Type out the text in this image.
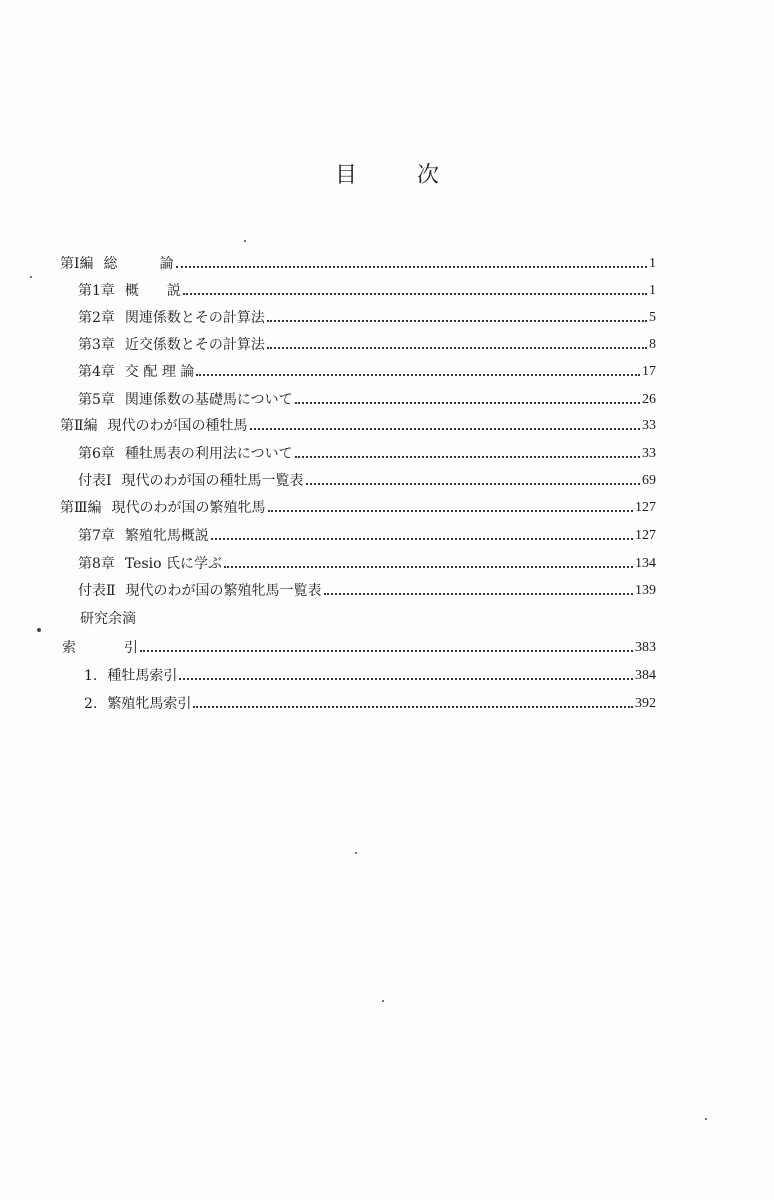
目	次
第Ⅰ編 総　　　論	1
第1章 概　　説	1
第2章 関連係数とその計算法	5
第3章 近交係数とその計算法	8
第4章 交 配 理 論	17
第5章 関連係数の基礎馬について	26
第Ⅱ編 現代のわが国の種牡馬	33
第6章 種牡馬表の利用法について	33
付表Ⅰ 現代のわが国の種牡馬一覧表	69
第Ⅲ編 現代のわが国の繁殖牝馬	127
第7章 繁殖牝馬概説	127
第8章 Tesio 氏に学ぶ	134
付表Ⅱ 現代のわが国の繁殖牝馬一覧表	139
研究余滴
索	引	383
1. 種牡馬索引	384
2. 繁殖牝馬索引	392
